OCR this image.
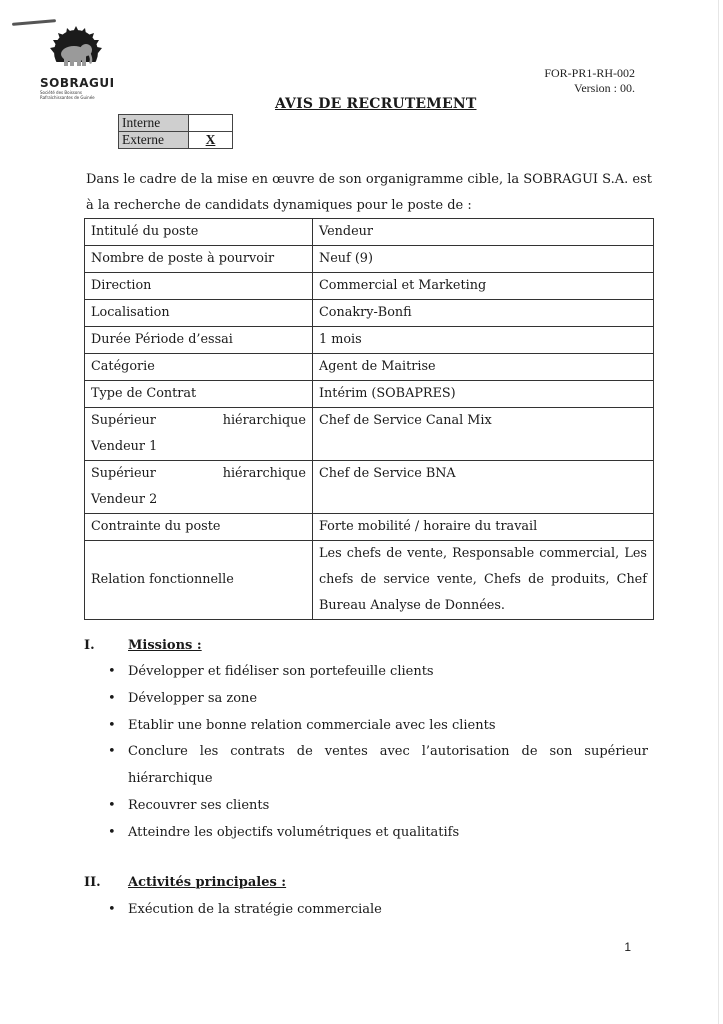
SOBRAGUI
Société des Boissons Rafraîchissantes de Guinée
FOR-PR1-RH-002
Version : 00.
AVIS DE RECRUTEMENT
Interne	
Externe	X
Dans le cadre de la mise en œuvre de son organigramme cible, la SOBRAGUI S.A. est à la recherche de candidats dynamiques pour le poste de :
Intitulé du poste	Vendeur
Nombre de poste à pourvoir	Neuf (9)
Direction	Commercial et Marketing
Localisation	Conakry-Bonfi
Durée Période d’essai	1 mois
Catégorie	Agent de Maitrise
Type de Contrat	Intérim (SOBAPRES)

Supérieur hiérarchique
Vendeur 1	Chef de Service Canal Mix

Supérieur hiérarchique
Vendeur 2	Chef de Service BNA
Contrainte du poste	Forte mobilité / horaire du travail
Relation fonctionnelle	Les chefs de vente, Responsable commercial, Les chefs de service vente, Chefs de produits, Chef Bureau Analyse de Données.
I.	Missions :
• Développer et fidéliser son portefeuille clients
• Développer sa zone
• Etablir une bonne relation commerciale avec les clients
• Conclure les contrats de ventes avec l’autorisation de son supérieur hiérarchique
• Recouvrer ses clients
• Atteindre les objectifs volumétriques et qualitatifs
II. Activités principales :
• Exécution de la stratégie commerciale
1
